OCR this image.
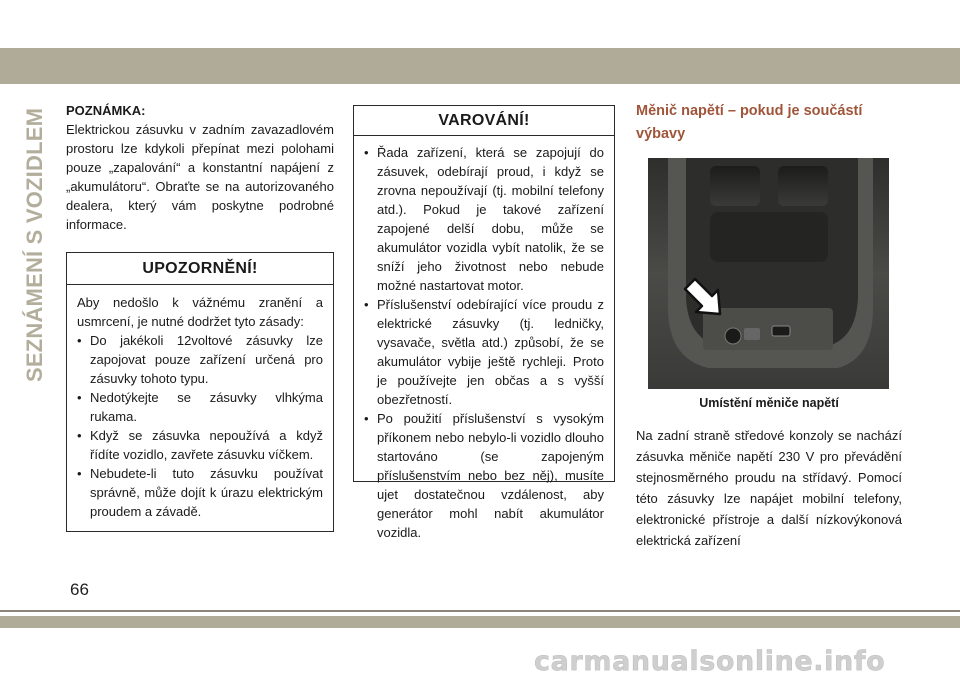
SEZNÁMENÍ S VOZIDLEM POZNÁMKA:

Elektrickou zásuvku v zadním zavazadlovém prostoru lze kdykoli přepínat mezi polohami pouze „zapalování“ a konstantní napájení z „akumulátoru“. Obraťte se na autorizovaného dealera, který vám poskytne podrobné informace.

UPOZORNĚNÍ!

Aby nedošlo k vážnému zranění a usmrcení, je nutné dodržet tyto zásady:

• Do jakékoli 12voltové zásuvky lze zapojovat pouze zařízení určená pro zásuvky tohoto typu.
• Nedotýkejte se zásuvky vlhkýma rukama.
• Když se zásuvka nepoužívá a když řídíte vozidlo, zavřete zásuvku víčkem.
• Nebudete-li tuto zásuvku používat správně, může dojít k úrazu elektrickým proudem a závadě.
VAROVÁNÍ!
• Řada zařízení, která se zapojují do zásuvek, odebírají proud, i když se zrovna nepoužívají (tj. mobilní telefony atd.). Pokud je takové zařízení zapojené delší dobu, může se akumulátor vozidla vybít natolik, že se sníží jeho životnost nebo nebude možné nastartovat motor.
• Příslušenství odebírající více proudu z elektrické zásuvky (tj. ledničky, vysavače, světla atd.) způsobí, že se akumulátor vybije ještě rychleji. Proto je používejte jen občas a s vyšší obezřetností.
• Po použití příslušenství s vysokým příkonem nebo nebylo-li vozidlo dlouho startováno (se zapojeným příslušenstvím nebo bez něj), musíte ujet dostatečnou vzdálenost, aby generátor mohl nabít akumulátor vozidla.

Měnič napětí – pokud je součástí výbavy

Umístění měniče napětí

Na zadní straně středové konzoly se nachází zásuvka měniče napětí 230 V pro převádění stejnosměrného proudu na střídavý. Pomocí této zásuvky lze napájet mobilní telefony, elektronické přístroje a další nízkovýkonová elektrická zařízení

66
carmanualsonline.info
